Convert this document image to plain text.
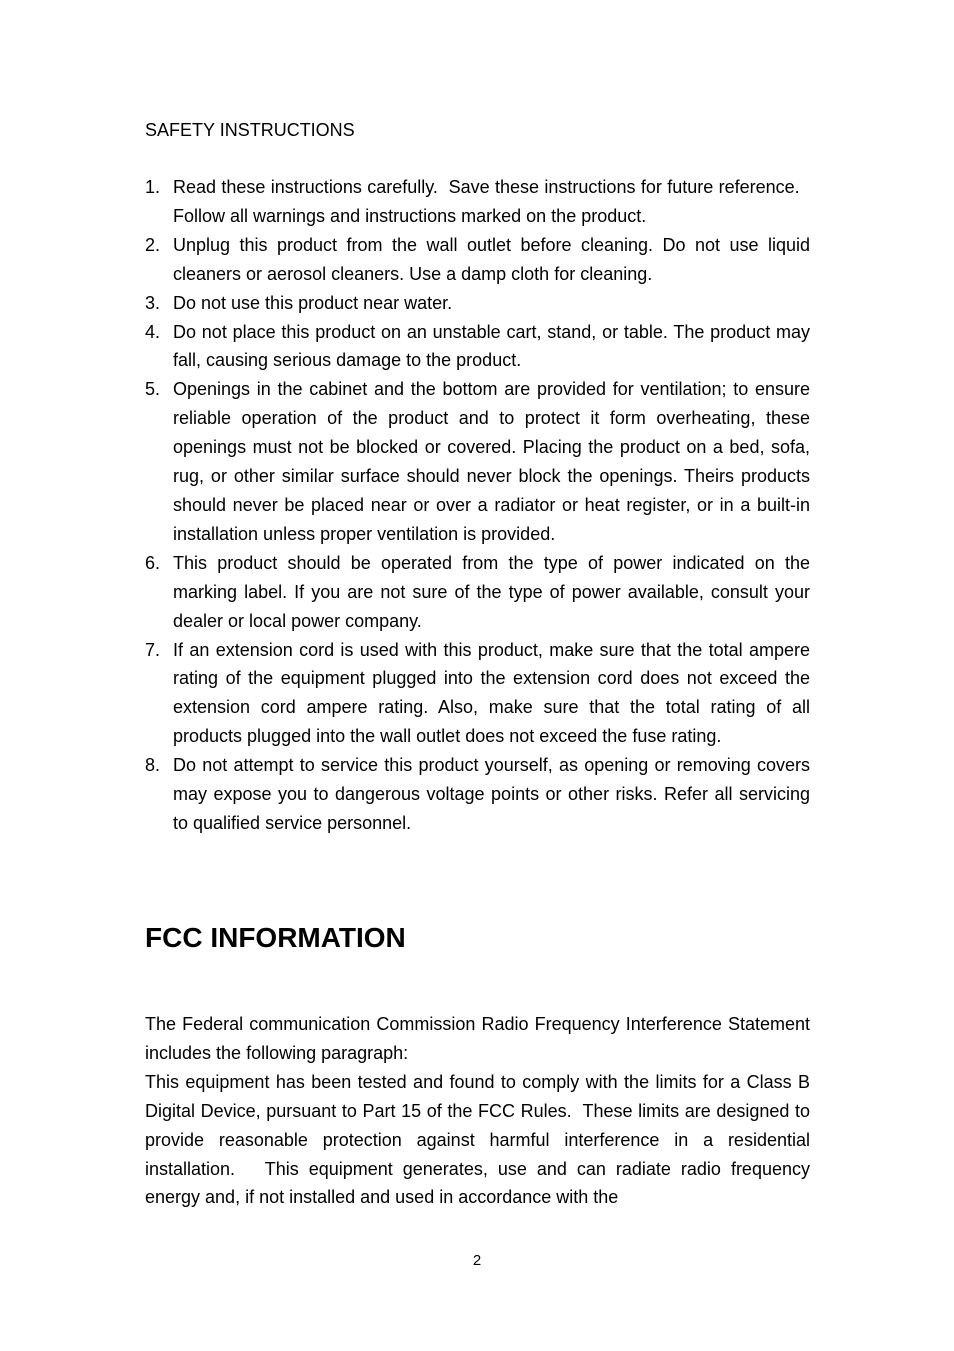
SAFETY INSTRUCTIONS
1. Read these instructions carefully.  Save these instructions for future reference.   Follow all warnings and instructions marked on the product.
2. Unplug this product from the wall outlet before cleaning. Do not use liquid cleaners or aerosol cleaners. Use a damp cloth for cleaning.
3. Do not use this product near water.
4. Do not place this product on an unstable cart, stand, or table. The product may fall, causing serious damage to the product.
5. Openings in the cabinet and the bottom are provided for ventilation; to ensure reliable operation of the product and to protect it form overheating, these openings must not be blocked or covered. Placing the product on a bed, sofa, rug, or other similar surface should never block the openings. Theirs products should never be placed near or over a radiator or heat register, or in a built-in installation unless proper ventilation is provided.
6. This product should be operated from the type of power indicated on the marking label. If you are not sure of the type of power available, consult your dealer or local power company.
7. If an extension cord is used with this product, make sure that the total ampere rating of the equipment plugged into the extension cord does not exceed the extension cord ampere rating. Also, make sure that the total rating of all products plugged into the wall outlet does not exceed the fuse rating.
8. Do not attempt to service this product yourself, as opening or removing covers may expose you to dangerous voltage points or other risks. Refer all servicing to qualified service personnel.
FCC INFORMATION

The Federal communication Commission Radio Frequency Interference Statement includes the following paragraph:

This equipment has been tested and found to comply with the limits for a Class B Digital Device, pursuant to Part 15 of the FCC Rules.  These limits are designed to provide reasonable protection against harmful interference in a residential installation.   This equipment generates, use and can radiate radio frequency energy and, if not installed and used in accordance with the

2
